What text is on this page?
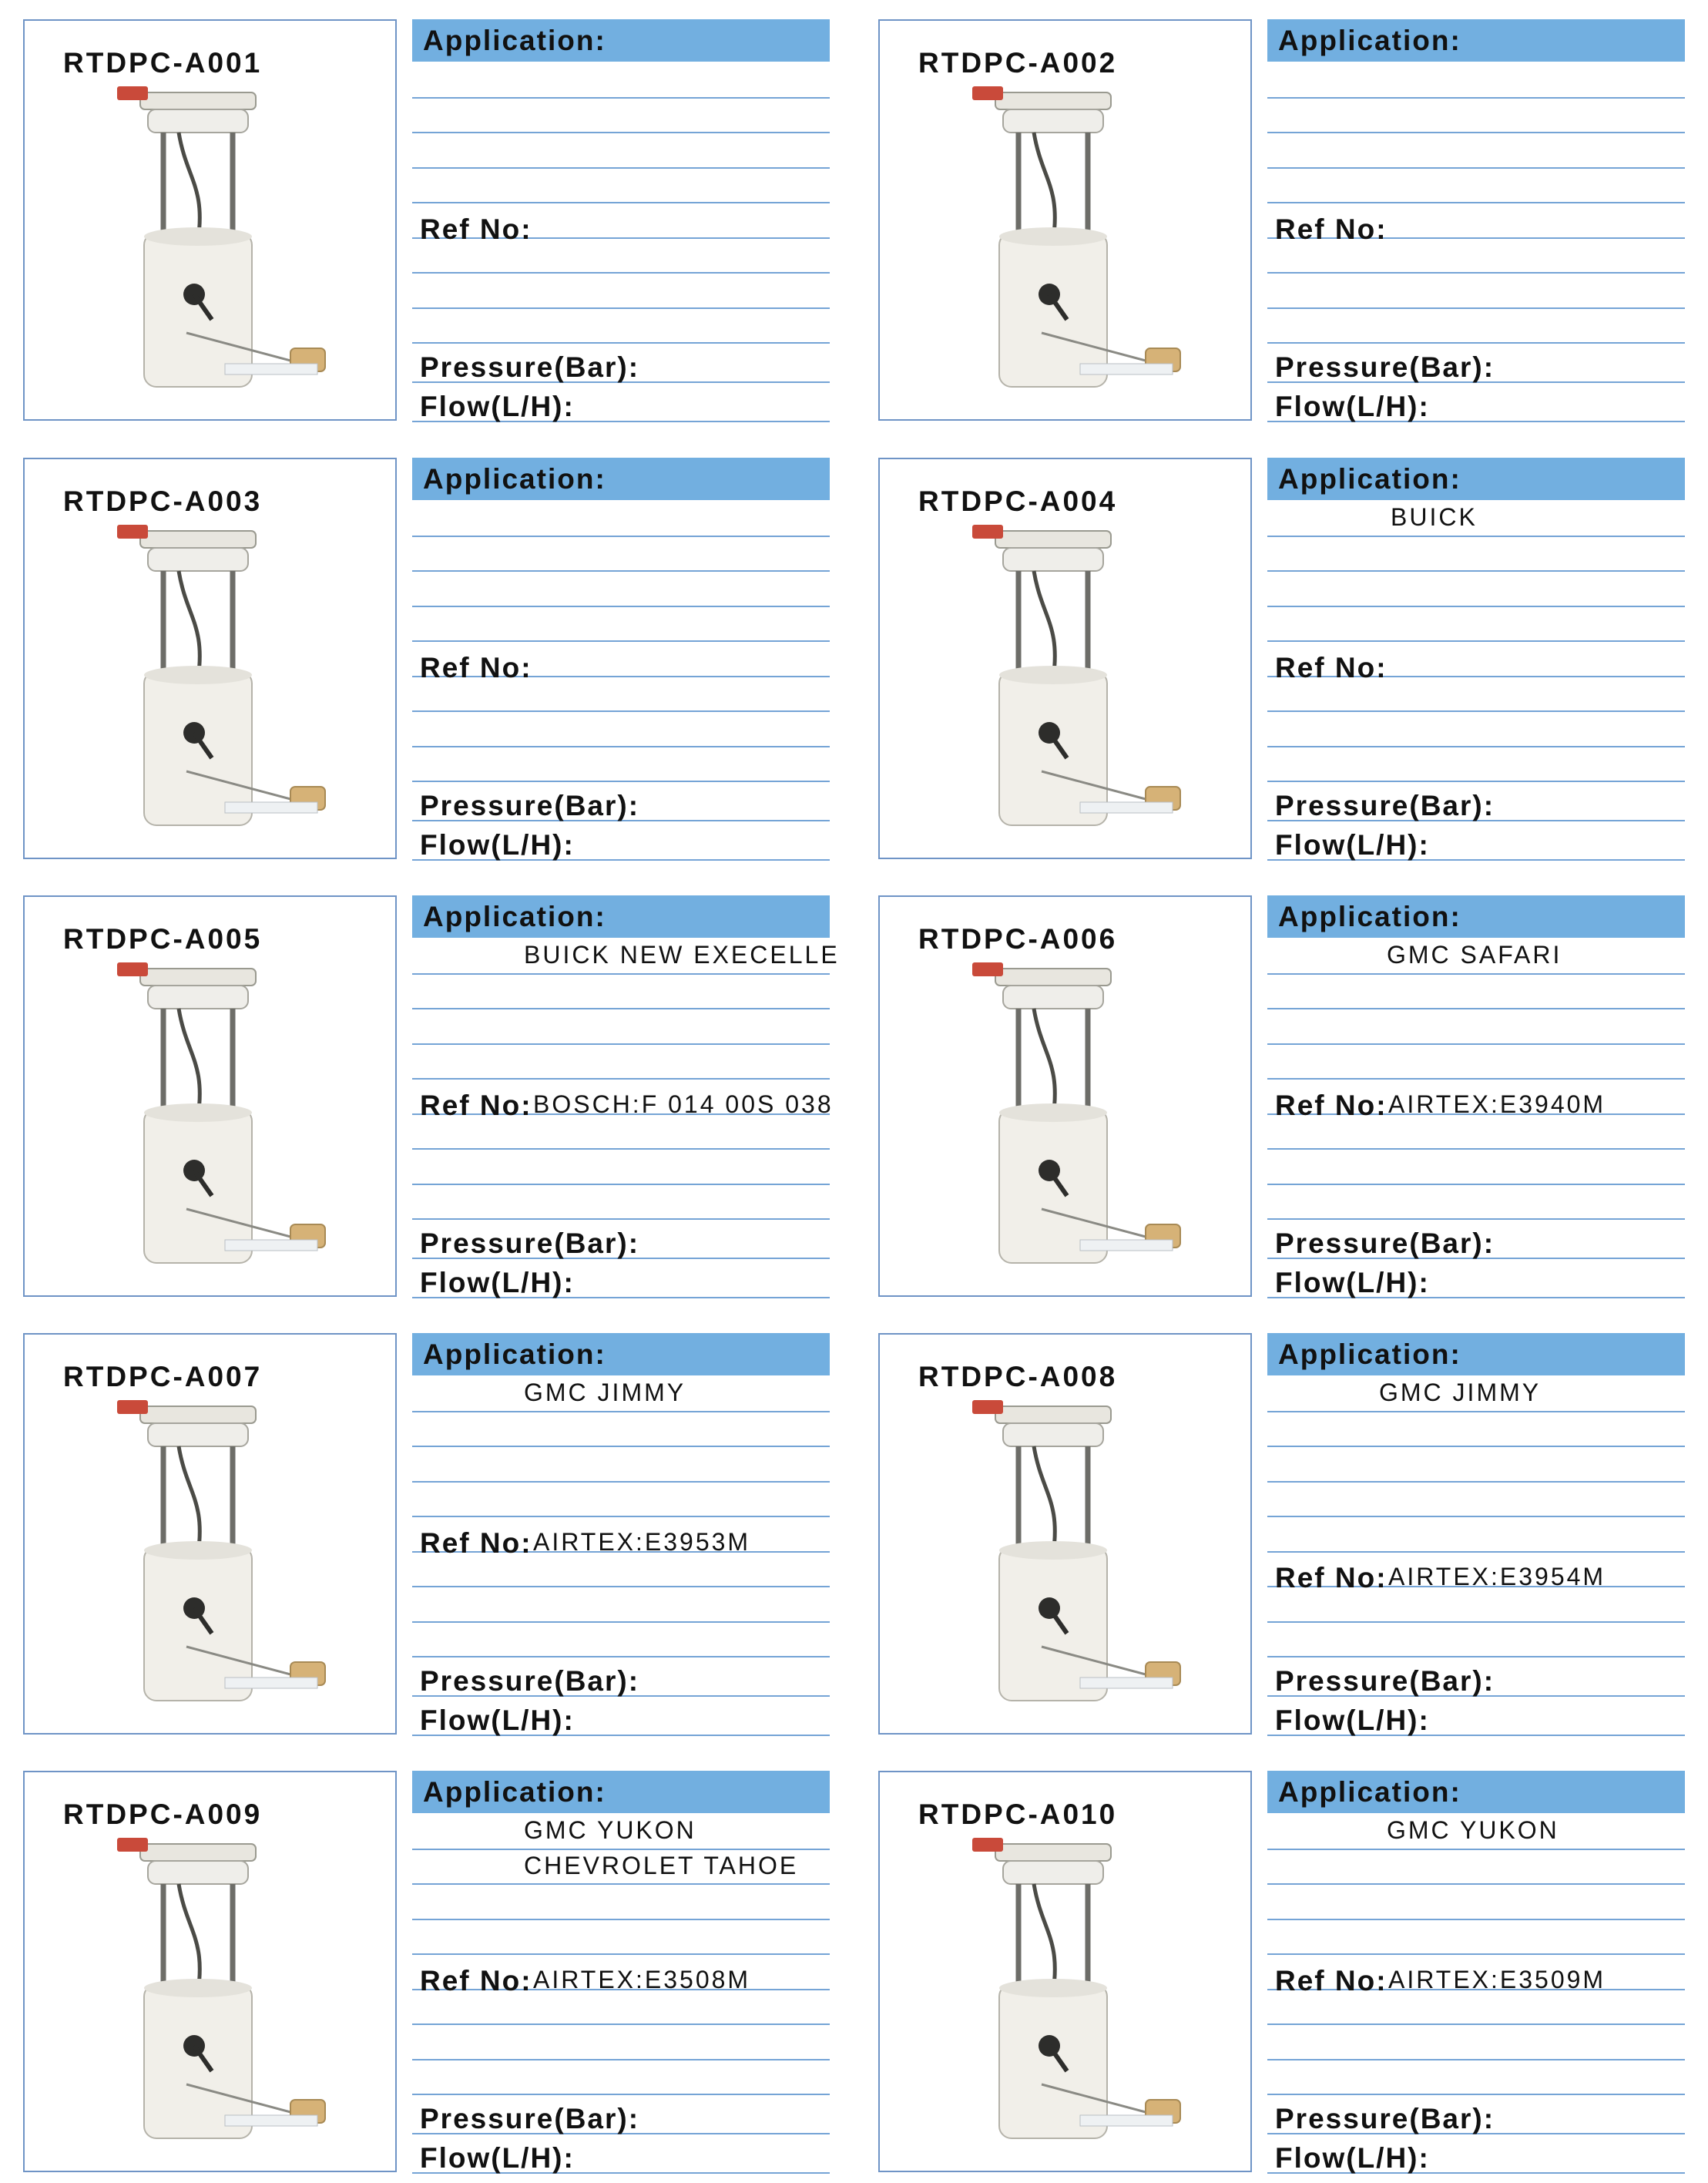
RTDPC-A001
Application:
Ref No:
Pressure(Bar):
Flow(L/H):
RTDPC-A002
Application:
Ref No:
Pressure(Bar):
Flow(L/H):
RTDPC-A003
Application:
Ref No:
Pressure(Bar):
Flow(L/H):
RTDPC-A004
Application:
Ref No:
Pressure(Bar):
Flow(L/H):
BUICK
RTDPC-A005
Application:
Ref No:
Pressure(Bar):
Flow(L/H):
BUICK NEW EXECELLE
BOSCH:F 014 00S 038
RTDPC-A006
Application:
Ref No:
Pressure(Bar):
Flow(L/H):
GMC SAFARI
AIRTEX:E3940M
RTDPC-A007
Application:
Ref No:
Pressure(Bar):
Flow(L/H):
GMC JIMMY
AIRTEX:E3953M
RTDPC-A008
Application:
Ref No:
Pressure(Bar):
Flow(L/H):
GMC JIMMY
AIRTEX:E3954M
RTDPC-A009
Application:
Ref No:
Pressure(Bar):
Flow(L/H):
GMC YUKON
CHEVROLET TAHOE
AIRTEX:E3508M
RTDPC-A010
Application:
Ref No:
Pressure(Bar):
Flow(L/H):
GMC YUKON
AIRTEX:E3509M
